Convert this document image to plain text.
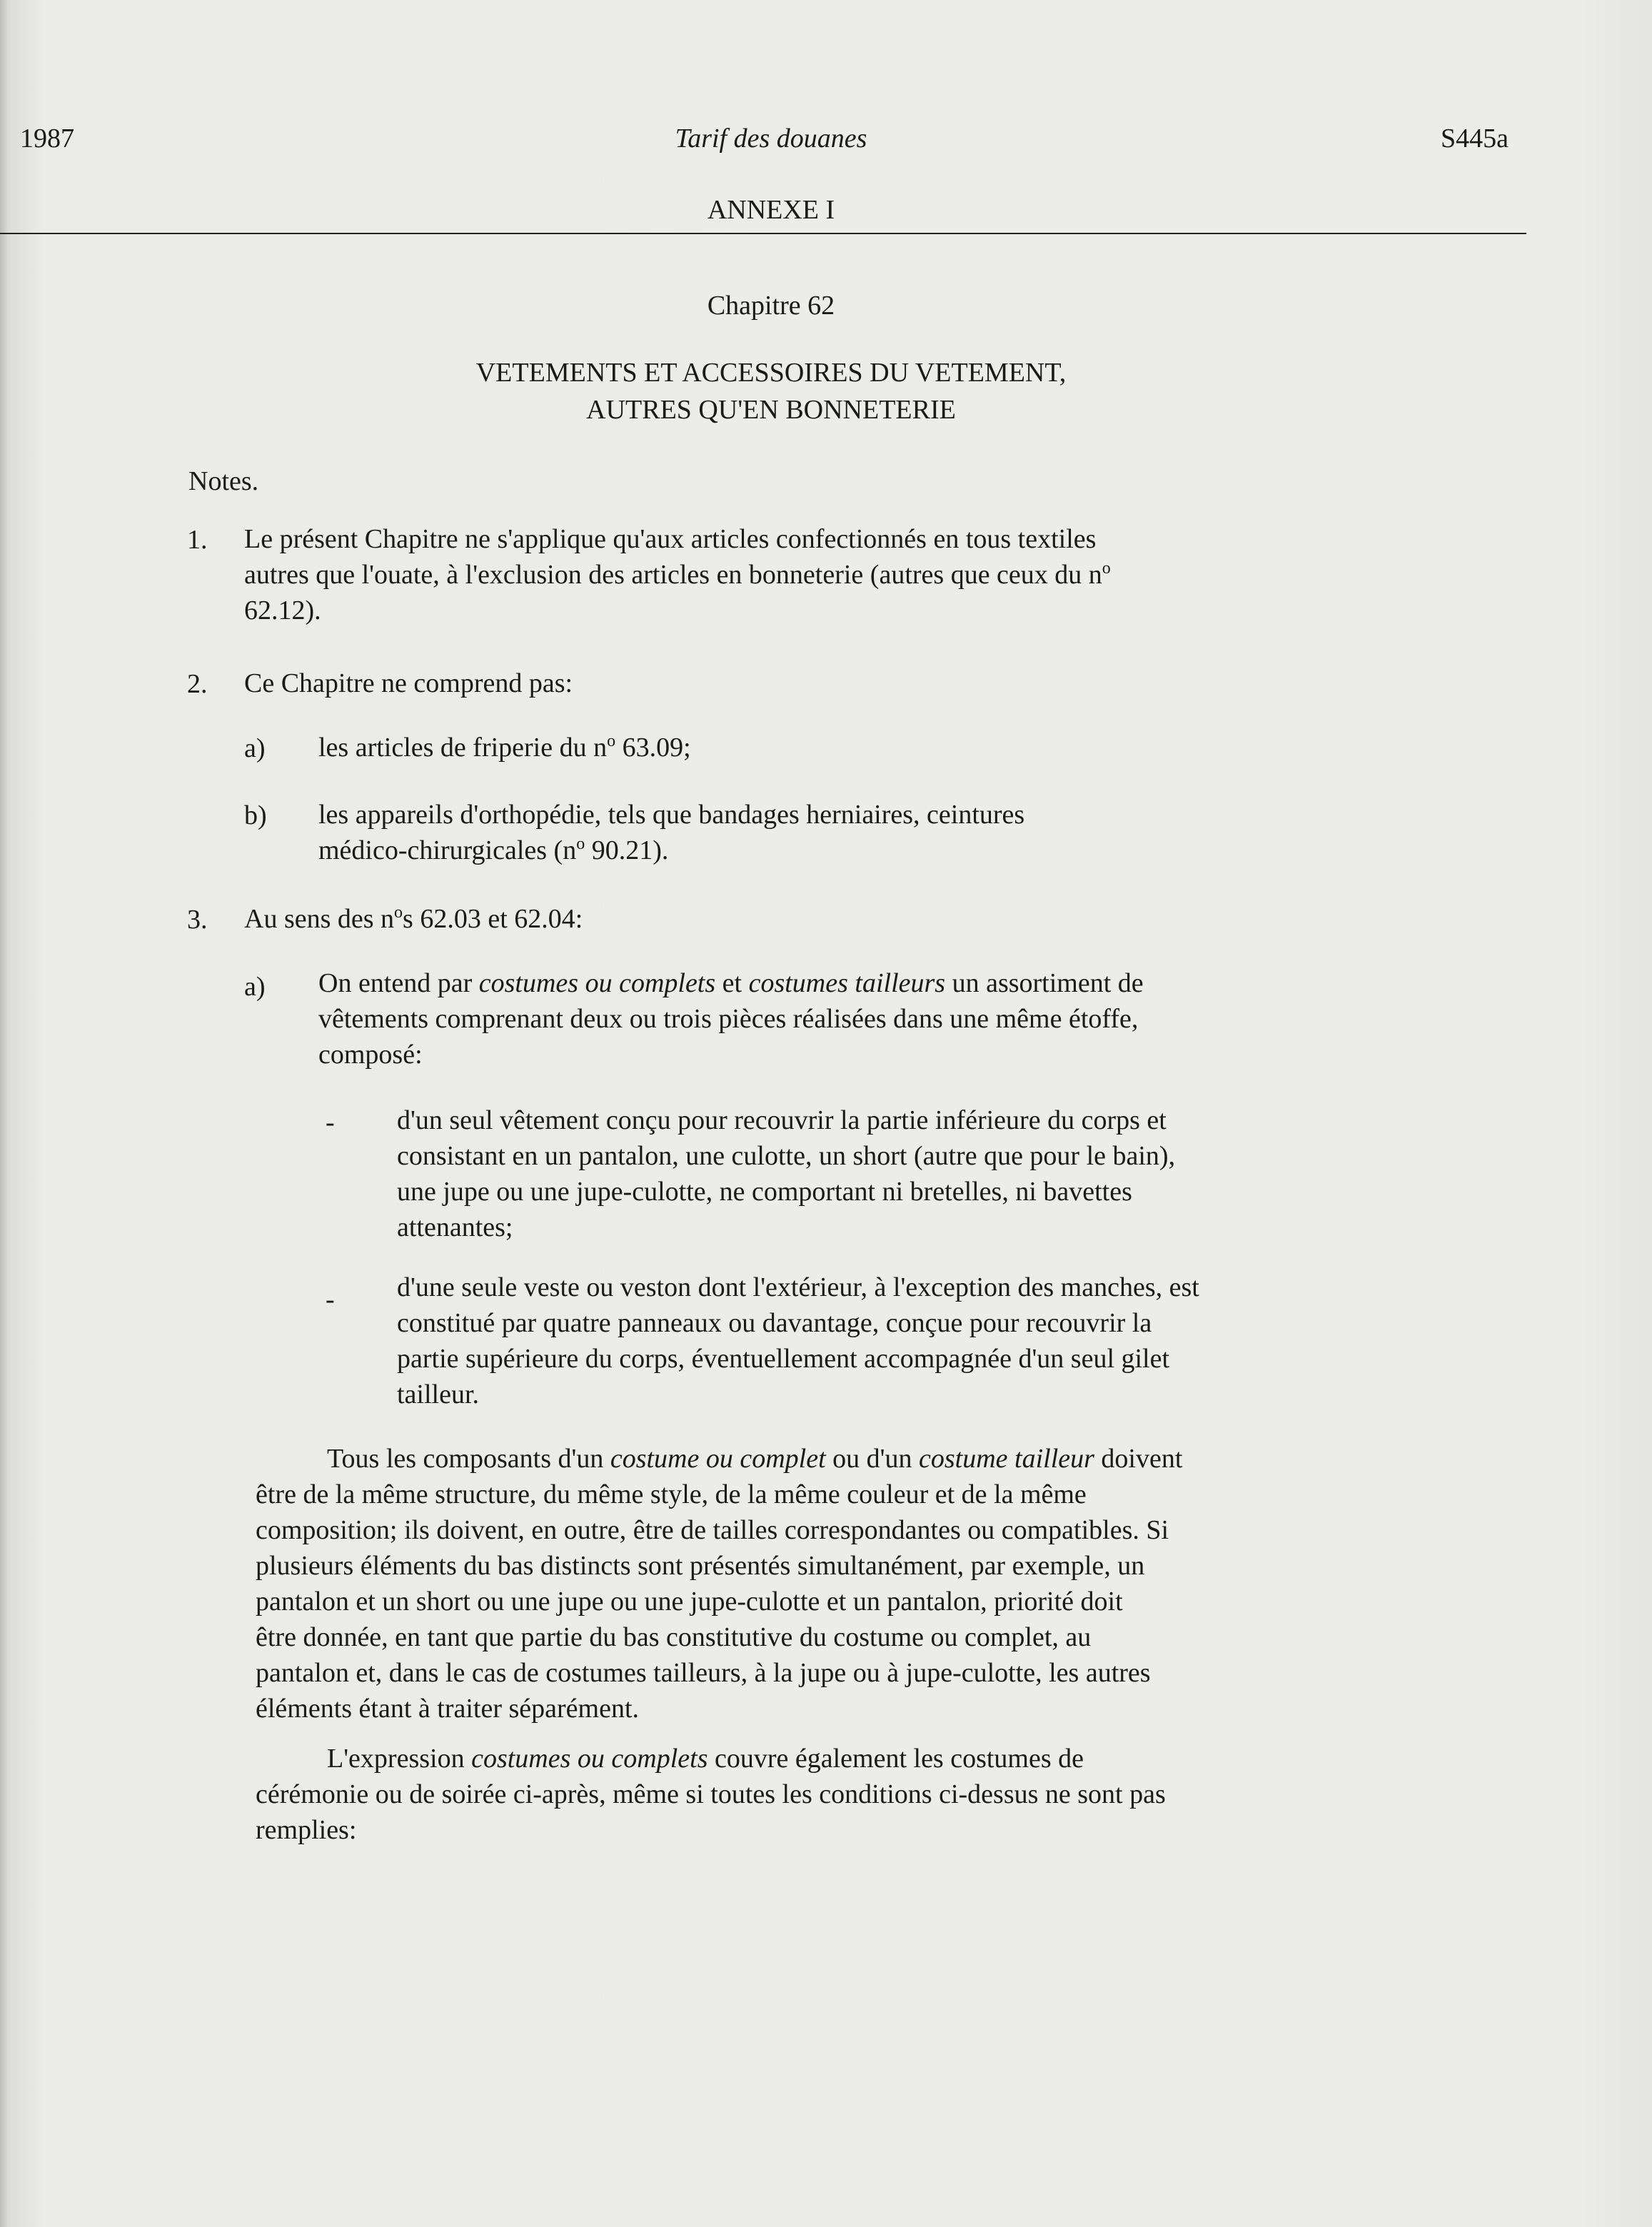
1987	Tarif des douanes	S445a
ANNEXE I
Chapitre 62
VETEMENTS ET ACCESSOIRES DU VETEMENT,
AUTRES QU'EN BONNETERIE
Notes.
1. Le présent Chapitre ne s'applique qu'aux articles confectionnés en tous textiles
autres que l'ouate, à l'exclusion des articles en bonneterie (autres que ceux du $n^o$
62.12).
2. Ce Chapitre ne comprend pas:
a) les articles de friperie du $n^o$ 63.09;
b) les appareils d'orthopédie, tels que bandages herniaires, ceintures
médico-chirurgicales ($n^o$ 90.21).
3. Au sens des $n^os$ 62.03 et 62.04:
a) On entend par costumes ou complets et costumes tailleurs un assortiment de
vêtements comprenant deux ou trois pièces réalisées dans une même étoffe,
composé:
- d'un seul vêtement conçu pour recouvrir la partie inférieure du corps et
consistant en un pantalon, une culotte, un short (autre que pour le bain),
une jupe ou une jupe-culotte, ne comportant ni bretelles, ni bavettes
attenantes;
- d'une seule veste ou veston dont l'extérieur, à l'exception des manches, est
constitué par quatre panneaux ou davantage, conçue pour recouvrir la
partie supérieure du corps, éventuellement accompagnée d'un seul gilet
tailleur.
Tous les composants d'un costume ou complet ou d'un costume tailleur doivent
être de la même structure, du même style, de la même couleur et de la même
composition; ils doivent, en outre, être de tailles correspondantes ou compatibles. Si
plusieurs éléments du bas distincts sont présentés simultanément, par exemple, un
pantalon et un short ou une jupe ou une jupe-culotte et un pantalon, priorité doit
être donnée, en tant que partie du bas constitutive du costume ou complet, au
pantalon et, dans le cas de costumes tailleurs, à la jupe ou à jupe-culotte, les autres
éléments étant à traiter séparément.
L'expression costumes ou complets couvre également les costumes de
cérémonie ou de soirée ci-après, même si toutes les conditions ci-dessus ne sont pas
remplies:
